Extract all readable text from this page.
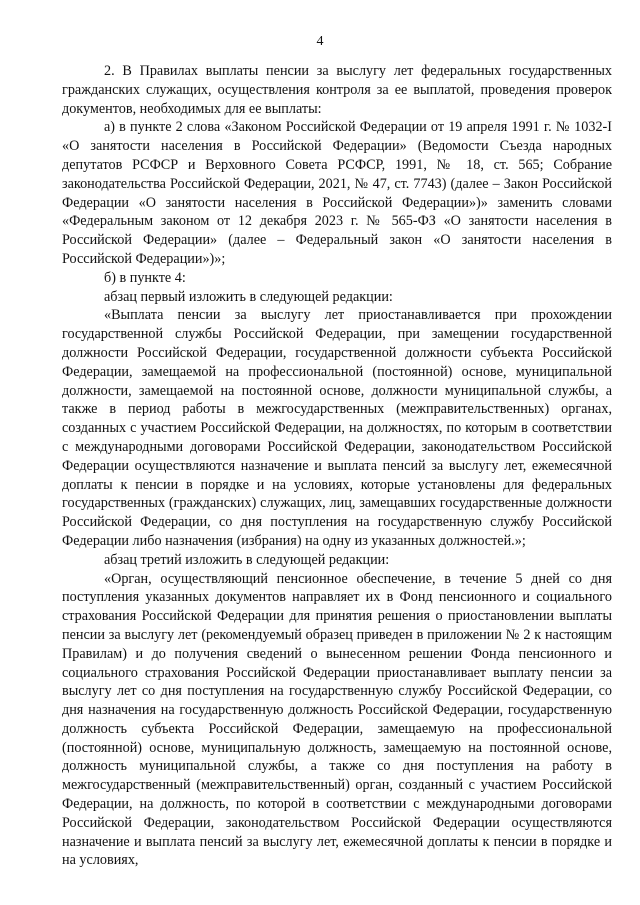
4

2. В Правилах выплаты пенсии за выслугу лет федеральных государственных гражданских служащих, осуществления контроля за ее выплатой, проведения проверок документов, необходимых для ее выплаты:

а) в пункте 2 слова «Законом Российской Федерации от 19 апреля 1991 г. № 1032-I «О занятости населения в Российской Федерации» (Ведомости Съезда народных депутатов РСФСР и Верховного Совета РСФСР, 1991, № 18, ст. 565; Собрание законодательства Российской Федерации, 2021, № 47, ст. 7743) (далее – Закон Российской Федерации «О занятости населения в Российской Федерации»)» заменить словами «Федеральным законом от 12 декабря 2023 г. № 565-ФЗ «О занятости населения в Российской Федерации» (далее – Федеральный закон «О занятости населения в Российской Федерации»)»;

б) в пункте 4:

абзац первый изложить в следующей редакции:

«Выплата пенсии за выслугу лет приостанавливается при прохождении государственной службы Российской Федерации, при замещении государственной должности Российской Федерации, государственной должности субъекта Российской Федерации, замещаемой на профессиональной (постоянной) основе, муниципальной должности, замещаемой на постоянной основе, должности муниципальной службы, а также в период работы в межгосударственных (межправительственных) органах, созданных с участием Российской Федерации, на должностях, по которым в соответствии с международными договорами Российской Федерации, законодательством Российской Федерации осуществляются назначение и выплата пенсий за выслугу лет, ежемесячной доплаты к пенсии в порядке и на условиях, которые установлены для федеральных государственных (гражданских) служащих, лиц, замещавших государственные должности Российской Федерации, со дня поступления на государственную службу Российской Федерации либо назначения (избрания) на одну из указанных должностей.»;

абзац третий изложить в следующей редакции:

«Орган, осуществляющий пенсионное обеспечение, в течение 5 дней со дня поступления указанных документов направляет их в Фонд пенсионного и социального страхования Российской Федерации для принятия решения о приостановлении выплаты пенсии за выслугу лет (рекомендуемый образец приведен в приложении № 2 к настоящим Правилам) и до получения сведений о вынесенном решении Фонда пенсионного и социального страхования Российской Федерации приостанавливает выплату пенсии за выслугу лет со дня поступления на государственную службу Российской Федерации, со дня назначения на государственную должность Российской Федерации, государственную должность субъекта Российской Федерации, замещаемую на профессиональной (постоянной) основе, муниципальную должность, замещаемую на постоянной основе, должность муниципальной службы, а также со дня поступления на работу в межгосударственный (межправительственный) орган, созданный с участием Российской Федерации, на должность, по которой в соответствии с международными договорами Российской Федерации, законодательством Российской Федерации осуществляются назначение и выплата пенсий за выслугу лет, ежемесячной доплаты к пенсии в порядке и на условиях,
